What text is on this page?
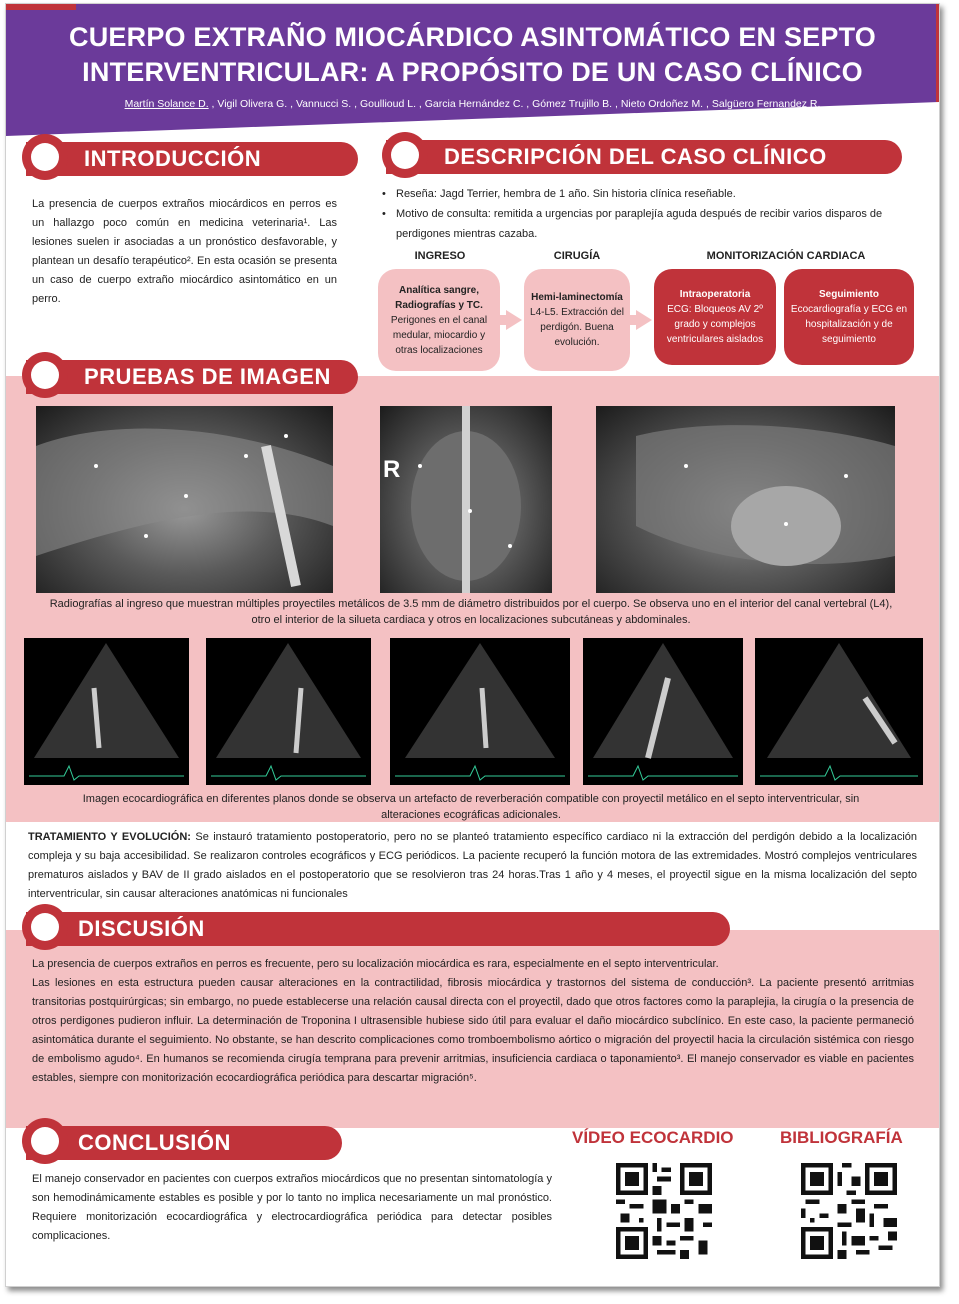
CUERPO EXTRAÑO MIOCÁRDICO ASINTOMÁTICO EN SEPTO
INTERVENTRICULAR: A PROPÓSITO DE UN CASO CLÍNICO
Martín Solance D. , Vigil Olivera G. , Vannucci S. , Goullioud L. , Garcia Hernández C. , Gómez Trujillo B. , Nieto Ordoñez M. , Salgüero Fernandez R.
INTRODUCCIÓN
La presencia de cuerpos extraños miocárdicos en perros es un hallazgo poco común en medicina veterinaria¹. Las lesiones suelen ir asociadas a un pronóstico desfavorable, y plantean un desafío terapéutico². En esta ocasión se presenta un caso de cuerpo extraño miocárdico asintomático en un perro.
DESCRIPCIÓN DEL CASO CLÍNICO
• Reseña: Jagd Terrier, hembra de 1 año. Sin historia clínica reseñable.
• Motivo de consulta: remitida a urgencias por paraplejía aguda después de recibir varios disparos de perdigones mientras cazaba.
INGRESO	CIRUGÍA	MONITORIZACIÓN CARDIACA
Analítica sangre, Radiografías y TC.
Perigones en el canal medular, miocardio y otras localizaciones
Hemi-laminectomía
L4-L5. Extracción del perdigón. Buena evolución.
Intraoperatoria
ECG: Bloqueos AV 2º grado y complejos ventriculares aislados
Seguimiento
Ecocardiografía y ECG en hospitalización y de seguimiento
PRUEBAS DE IMAGEN
R
Radiografías al ingreso que muestran múltiples proyectiles metálicos de 3.5 mm de diámetro distribuidos por el cuerpo. Se observa uno en el interior del canal vertebral (L4), otro el interior de la silueta cardiaca y otros en localizaciones subcutáneas y abdominales.
Imagen ecocardiográfica en diferentes planos donde se observa un artefacto de reverberación compatible con proyectil metálico en el septo interventricular, sin alteraciones ecográficas adicionales.
TRATAMIENTO Y EVOLUCIÓN: Se instauró tratamiento postoperatorio, pero no se planteó tratamiento específico cardiaco ni la extracción del perdigón debido a la localización compleja y su baja accesibilidad. Se realizaron controles ecográficos y ECG periódicos. La paciente recuperó la función motora de las extremidades. Mostró complejos ventriculares prematuros aislados y BAV de II grado aislados en el postoperatorio que se resolvieron tras 24 horas.Tras 1 año y 4 meses, el proyectil sigue en la misma localización del septo interventricular, sin causar alteraciones anatómicas ni funcionales
DISCUSIÓN
La presencia de cuerpos extraños en perros es frecuente, pero su localización miocárdica es rara, especialmente en el septo interventricular.
Las lesiones en esta estructura pueden causar alteraciones en la contractilidad, fibrosis miocárdica y trastornos del sistema de conducción³. La paciente presentó arritmias transitorias postquirúrgicas; sin embargo, no puede establecerse una relación causal directa con el proyectil, dado que otros factores como la paraplejia, la cirugía o la presencia de otros perdigones pudieron influir. La determinación de Troponina I ultrasensible hubiese sido útil para evaluar el daño miocárdico subclínico. En este caso, la paciente permaneció asintomática durante el seguimiento. No obstante, se han descrito complicaciones como tromboembolismo aórtico o migración del proyectil hacia la circulación sistémica con riesgo de embolismo agudo⁴. En humanos se recomienda cirugía temprana para prevenir arritmias, insuficiencia cardiaca o taponamiento³. El manejo conservador es viable en pacientes estables, siempre con monitorización ecocardiográfica periódica para descartar migración⁵.
CONCLUSIÓN
El manejo conservador en pacientes con cuerpos extraños miocárdicos que no presentan sintomatología y son hemodinámicamente estables es posible y por lo tanto no implica necesariamente un mal pronóstico. Requiere monitorización ecocardiográfica y electrocardiográfica periódica para detectar posibles complicaciones.
VÍDEO ECOCARDIO	BIBLIOGRAFÍA
